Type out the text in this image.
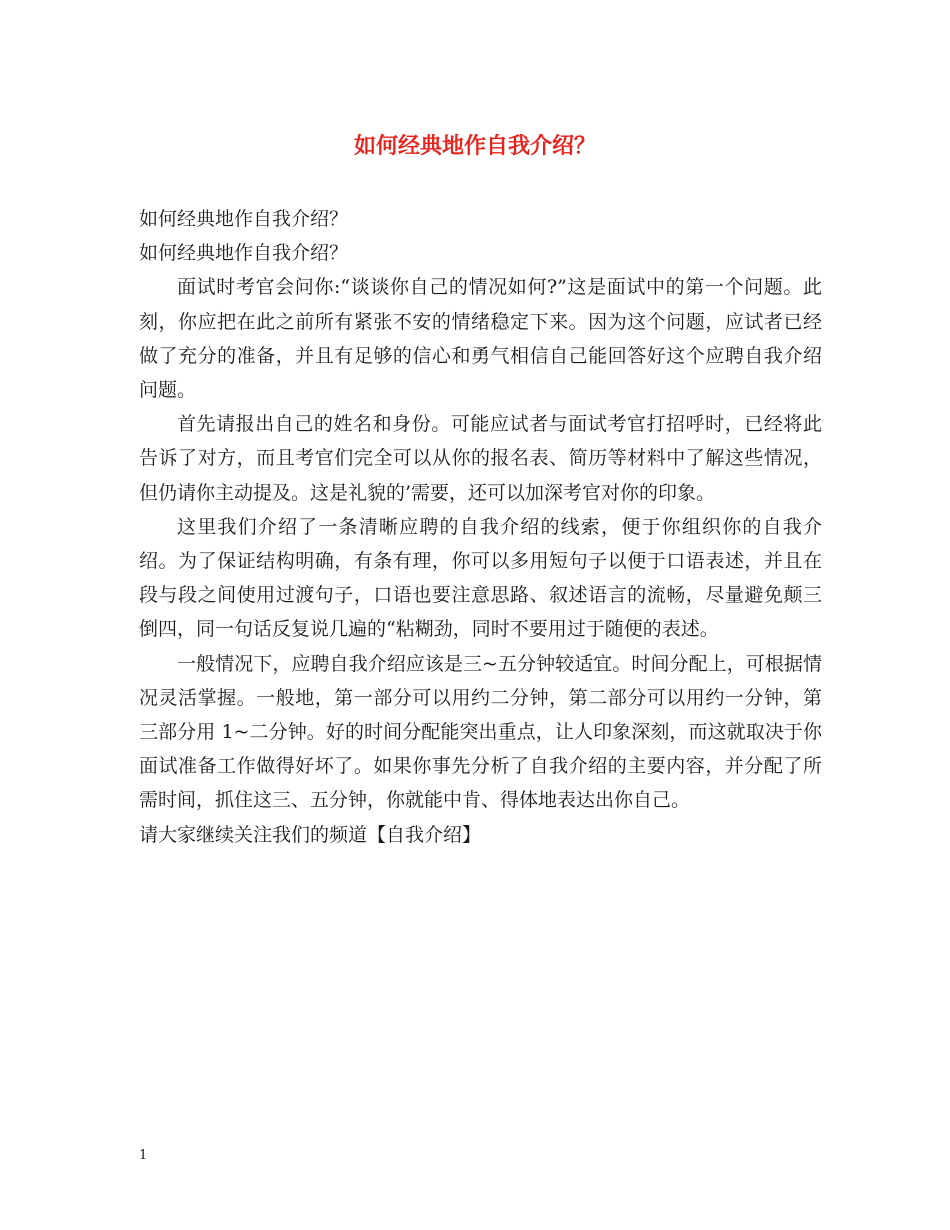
如何经典地作自我介绍？

如何经典地作自我介绍？

如何经典地作自我介绍？

面试时考官会问你:“谈谈你自己的情况如何?”这是面试中的第一个问题。此刻，你应把在此之前所有紧张不安的情绪稳定下来。因为这个问题，应试者已经做了充分的准备，并且有足够的信心和勇气相信自己能回答好这个应聘自我介绍问题。

首先请报出自己的姓名和身份。可能应试者与面试考官打招呼时，已经将此告诉了对方，而且考官们完全可以从你的报名表、简历等材料中了解这些情况，但仍请你主动提及。这是礼貌的’需要，还可以加深考官对你的印象。

这里我们介绍了一条清晰应聘的自我介绍的线索，便于你组织你的自我介绍。为了保证结构明确，有条有理，你可以多用短句子以便于口语表述，并且在段与段之间使用过渡句子，口语也要注意思路、叙述语言的流畅，尽量避免颠三倒四，同一句话反复说几遍的“粘糊劲，同时不要用过于随便的表述。

一般情况下，应聘自我介绍应该是三~五分钟较适宜。时间分配上，可根据情况灵活掌握。一般地，第一部分可以用约二分钟，第二部分可以用约一分钟，第三部分用 1~二分钟。好的时间分配能突出重点，让人印象深刻，而这就取决于你面试准备工作做得好坏了。如果你事先分析了自我介绍的主要内容，并分配了所需时间，抓住这三、五分钟，你就能中肯、得体地表达出你自己。

请大家继续关注我们的频道【自我介绍】

1
